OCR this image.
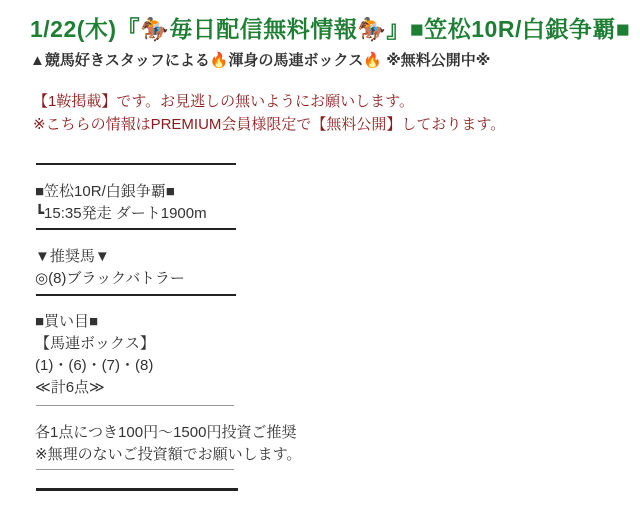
1/22(木)『🏇毎日配信無料情報🏇』■笠松10R/白銀争覇■

▲競馬好きスタッフによる🔥渾身の馬連ボックス🔥 ※無料公開中※

【1鞍掲載】です。お見逃しの無いようにお願いします。

※こちらの情報はPREMIUM会員様限定で【無料公開】しております。

■笠松10R/白銀争覇■

┗15:35発走 ダート1900m

▼推奨馬▼

◎(8)ブラックバトラー

■買い目■

【馬連ボックス】

(1)・(6)・(7)・(8)

≪計6点≫

各1点につき100円～1500円投資ご推奨

※無理のないご投資額でお願いします。
